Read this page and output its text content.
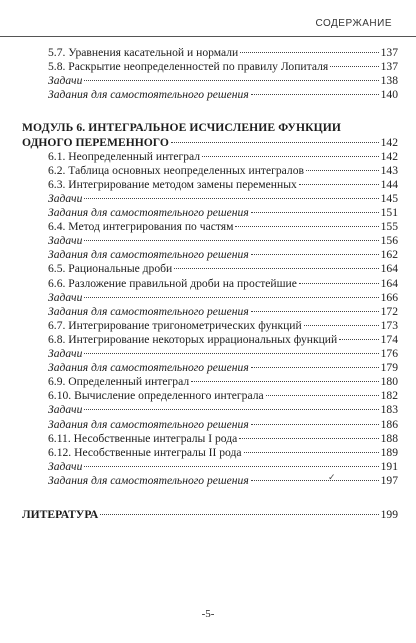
СОДЕРЖАНИЕ
5.7. Уравнения касательной и нормали	137
5.8. Раскрытие неопределенностей по правилу Лопиталя	137
Задачи	138
Задания для самостоятельного решения	140
МОДУЛЬ 6. ИНТЕГРАЛЬНОЕ ИСЧИСЛЕНИЕ ФУНКЦИИ
ОДНОГО ПЕРЕМЕННОГО	142
6.1. Неопределенный интеграл	142
6.2. Таблица основных неопределенных интегралов	143
6.3. Интегрирование методом замены переменных	144
Задачи	145
Задания для самостоятельного решения	151
6.4. Метод интегрирования по частям	155
Задачи	156
Задания для самостоятельного решения	162
6.5. Рациональные дроби	164
6.6. Разложение правильной дроби на простейшие	164
Задачи	166
Задания для самостоятельного решения	172
6.7. Интегрирование тригонометрических функций	173
6.8. Интегрирование некоторых иррациональных функций	174
Задачи	176
Задания для самостоятельного решения	179
6.9. Определенный интеграл	180
6.10. Вычисление определенного интеграла	182
Задачи	183
Задания для самостоятельного решения	186
6.11. Несобственные интегралы I рода	188
6.12. Несобственные интегралы II рода	189
Задачи	191
Задания для самостоятельного решения	197
ЛИТЕРАТУРА	199
✓
-5-
